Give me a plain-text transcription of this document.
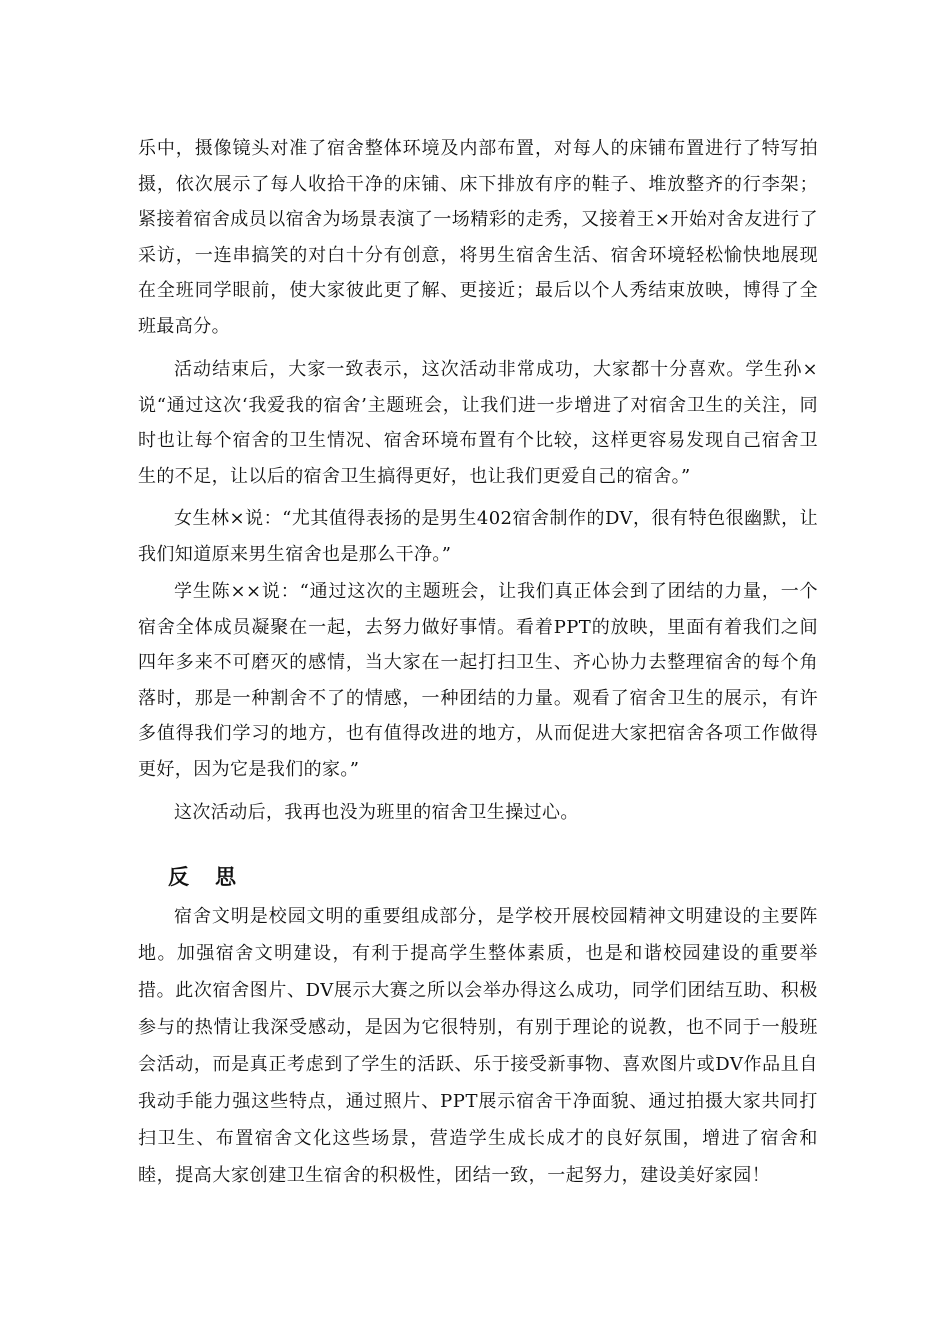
乐中，摄像镜头对准了宿舍整体环境及内部布置，对每人的床铺布置进行了特写拍摄，依次展示了每人收拾干净的床铺、床下排放有序的鞋子、堆放整齐的行李架；紧接着宿舍成员以宿舍为场景表演了一场精彩的走秀，又接着王×开始对舍友进行了采访，一连串搞笑的对白十分有创意，将男生宿舍生活、宿舍环境轻松愉快地展现在全班同学眼前，使大家彼此更了解、更接近；最后以个人秀结束放映，博得了全班最高分。

活动结束后，大家一致表示，这次活动非常成功，大家都十分喜欢。学生孙×说“通过这次‘我爱我的宿舍’主题班会，让我们进一步增进了对宿舍卫生的关注，同时也让每个宿舍的卫生情况、宿舍环境布置有个比较，这样更容易发现自己宿舍卫生的不足，让以后的宿舍卫生搞得更好，也让我们更爱自己的宿舍。”

女生林×说：“尤其值得表扬的是男生402宿舍制作的DV，很有特色很幽默，让我们知道原来男生宿舍也是那么干净。”

学生陈××说：“通过这次的主题班会，让我们真正体会到了团结的力量，一个宿舍全体成员凝聚在一起，去努力做好事情。看着PPT的放映，里面有着我们之间四年多来不可磨灭的感情，当大家在一起打扫卫生、齐心协力去整理宿舍的每个角落时，那是一种割舍不了的情感，一种团结的力量。观看了宿舍卫生的展示，有许多值得我们学习的地方，也有值得改进的地方，从而促进大家把宿舍各项工作做得更好，因为它是我们的家。”

这次活动后，我再也没为班里的宿舍卫生操过心。

反思

宿舍文明是校园文明的重要组成部分，是学校开展校园精神文明建设的主要阵地。加强宿舍文明建设，有利于提高学生整体素质，也是和谐校园建设的重要举措。此次宿舍图片、DV展示大赛之所以会举办得这么成功，同学们团结互助、积极参与的热情让我深受感动，是因为它很特别，有别于理论的说教，也不同于一般班会活动，而是真正考虑到了学生的活跃、乐于接受新事物、喜欢图片或DV作品且自我动手能力强这些特点，通过照片、PPT展示宿舍干净面貌、通过拍摄大家共同打扫卫生、布置宿舍文化这些场景，营造学生成长成才的良好氛围，增进了宿舍和睦，提高大家创建卫生宿舍的积极性，团结一致，一起努力，建设美好家园！
